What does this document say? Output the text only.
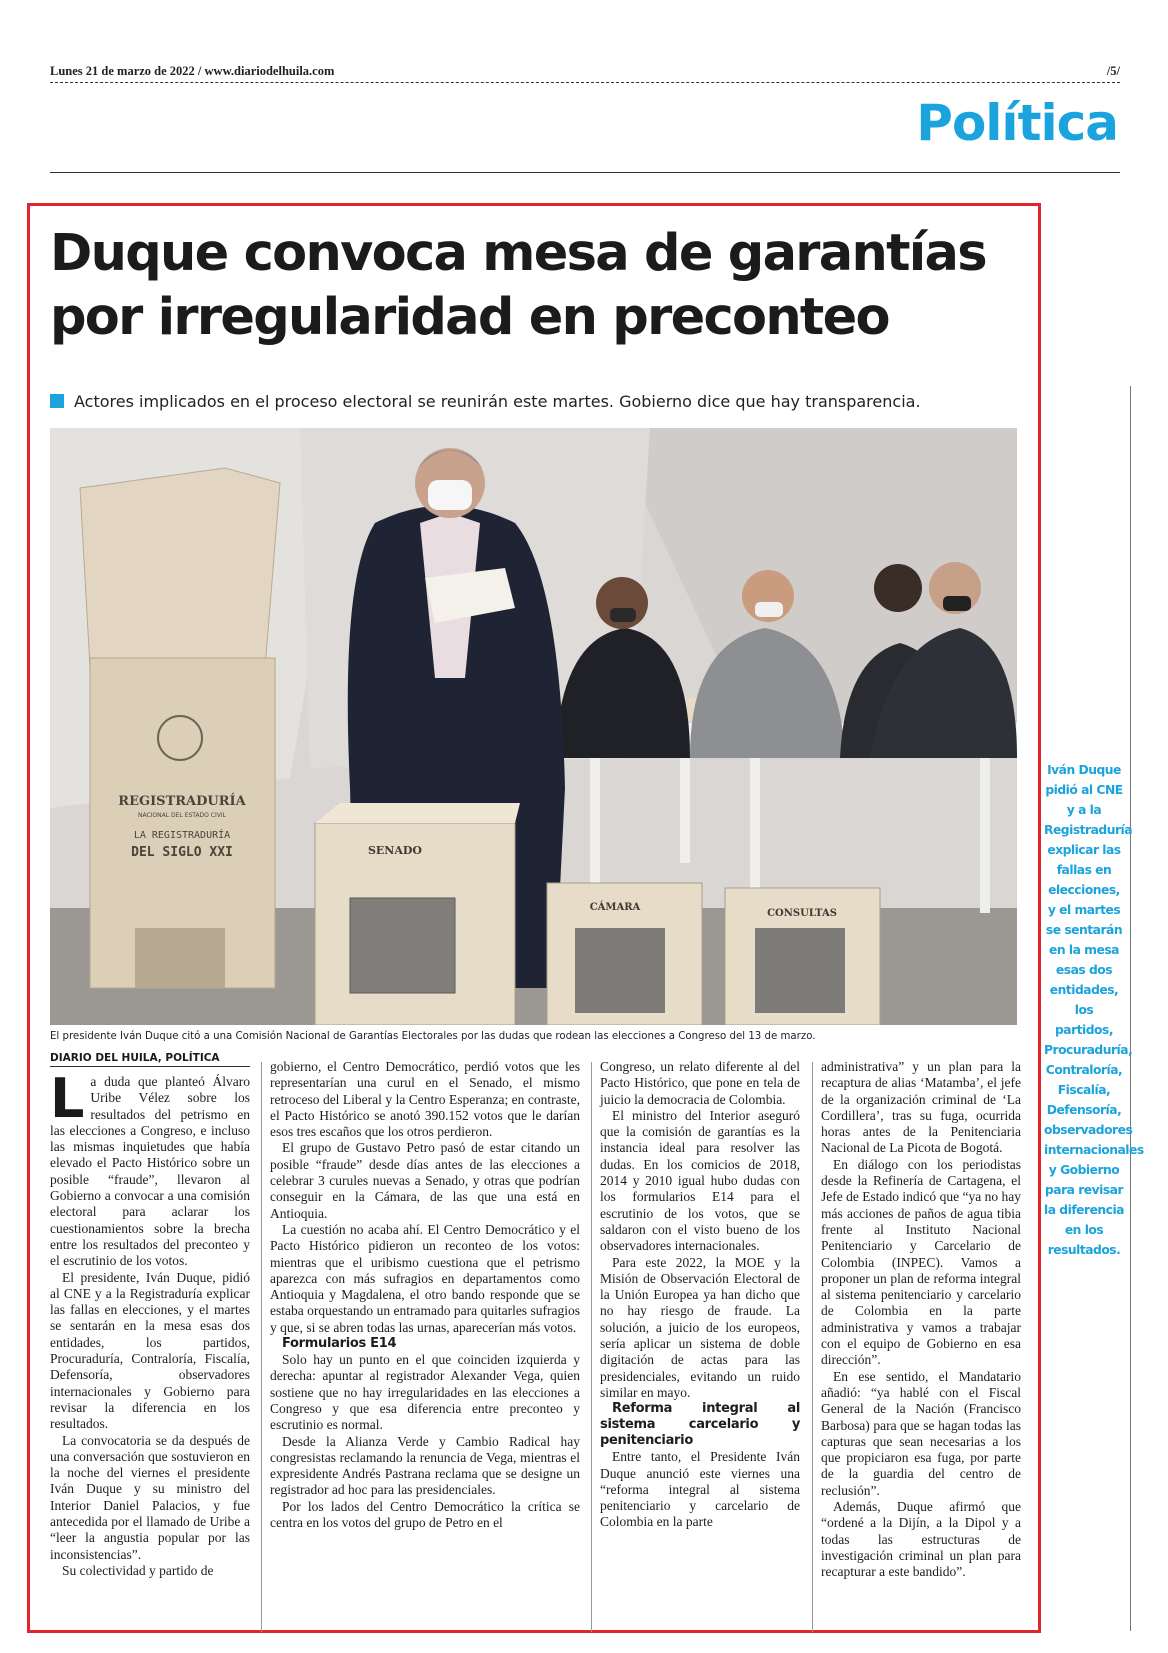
Lunes 21 de marzo de 2022 / www.diariodelhuila.com	/5/
Política
Duque convoca mesa de garantías
por irregularidad en preconteo
Actores implicados en el proceso electoral se reunirán este martes. Gobierno dice que hay transparencia.
REGISTRADURÍA
NACIONAL DEL ESTADO CIVIL
LA REGISTRADURÍA
DEL SIGLO XXI	SENADO
CÁMARA
CONSULTAS
El presidente Iván Duque citó a una Comisión Nacional de Garantías Electorales por las dudas que rodean las elecciones a Congreso del 13 de marzo.
DIARIO DEL HUILA, POLÍTICA

La duda que planteó Álvaro Uribe Vélez sobre los resultados del petrismo en las elecciones a Congreso, e incluso las mismas inquietudes que había elevado el Pacto Histórico sobre un posible “fraude”, llevaron al Gobierno a convocar a una comisión electoral para aclarar los cuestionamientos sobre la brecha entre los resultados del preconteo y el escrutinio de los votos.

El presidente, Iván Duque, pidió al CNE y a la Registraduría explicar las fallas en elecciones, y el martes se sentarán en la mesa esas dos entidades, los partidos, Procuraduría, Contraloría, Fiscalía, Defensoría, observadores internacionales y Gobierno para revisar la diferencia en los resultados.

La convocatoria se da después de una conversación que sostuvieron en la noche del viernes el presidente Iván Duque y su ministro del Interior Daniel Palacios, y fue antecedida por el llamado de Uribe a “leer la angustia popular por las inconsistencias”.

Su colectividad y partido de

gobierno, el Centro Democrático, perdió votos que les representarían una curul en el Senado, el mismo retroceso del Liberal y la Centro Esperanza; en contraste, el Pacto Histórico se anotó 390.152 votos que le darían esos tres escaños que los otros perdieron.

El grupo de Gustavo Petro pasó de estar citando un posible “fraude” desde días antes de las elecciones a celebrar 3 curules nuevas a Senado, y otras que podrían conseguir en la Cámara, de las que una está en Antioquia.

La cuestión no acaba ahí. El Centro Democrático y el Pacto Histórico pidieron un reconteo de los votos: mientras que el uribismo cuestiona que el petrismo aparezca con más sufragios en departamentos como Antioquia y Magdalena, el otro bando responde que se estaba orquestando un entramado para quitarles sufragios y que, si se abren todas las urnas, aparecerían más votos.

Formularios E14

Solo hay un punto en el que coinciden izquierda y derecha: apuntar al registrador Alexander Vega, quien sostiene que no hay irregularidades en las elecciones a Congreso y que esa diferencia entre preconteo y escrutinio es normal.

Desde la Alianza Verde y Cambio Radical hay congresistas reclamando la renuncia de Vega, mientras el expresidente Andrés Pastrana reclama que se designe un registrador ad hoc para las presidenciales.

Por los lados del Centro Democrático la crítica se centra en los votos del grupo de Petro en el

Congreso, un relato diferente al del Pacto Histórico, que pone en tela de juicio la democracia de Colombia.

El ministro del Interior aseguró que la comisión de garantías es la instancia ideal para resolver las dudas. En los comicios de 2018, 2014 y 2010 igual hubo dudas con los formularios E14 para el escrutinio de los votos, que se saldaron con el visto bueno de los observadores internacionales.

Para este 2022, la MOE y la Misión de Observación Electoral de la Unión Europea ya han dicho que no hay riesgo de fraude. La solución, a juicio de los europeos, sería aplicar un sistema de doble digitación de actas para las presidenciales, evitando un ruido similar en mayo.

Reforma integral al sistema carcelario y penitenciario

Entre tanto, el Presidente Iván Duque anunció este viernes una “reforma integral al sistema penitenciario y carcelario de Colombia en la parte

administrativa” y un plan para la recaptura de alias ‘Matamba’, el jefe de la organización criminal de ‘La Cordillera’, tras su fuga, ocurrida horas antes de la Penitenciaria Nacional de La Picota de Bogotá.

En diálogo con los periodistas desde la Refinería de Cartagena, el Jefe de Estado indicó que “ya no hay más acciones de paños de agua tibia frente al Instituto Nacional Penitenciario y Carcelario de Colombia (INPEC). Vamos a proponer un plan de reforma integral al sistema penitenciario y carcelario de Colombia en la parte administrativa y vamos a trabajar con el equipo de Gobierno en esa dirección”.

En ese sentido, el Mandatario añadió: “ya hablé con el Fiscal General de la Nación (Francisco Barbosa) para que se hagan todas las capturas que sean necesarias a los que propiciaron esa fuga, por parte de la guardia del centro de reclusión”.

Además, Duque afirmó que “ordené a la Dijín, a la Dipol y a todas las estructuras de investigación criminal un plan para recapturar a este bandido”.

Iván Duque pidió al CNE y a la Registraduría explicar las fallas en elecciones, y el martes se sentarán en la mesa esas dos entidades, los partidos, Procuraduría, Contraloría, Fiscalía, Defensoría, observadores internacionales y Gobierno para revisar la diferencia en los resultados.
